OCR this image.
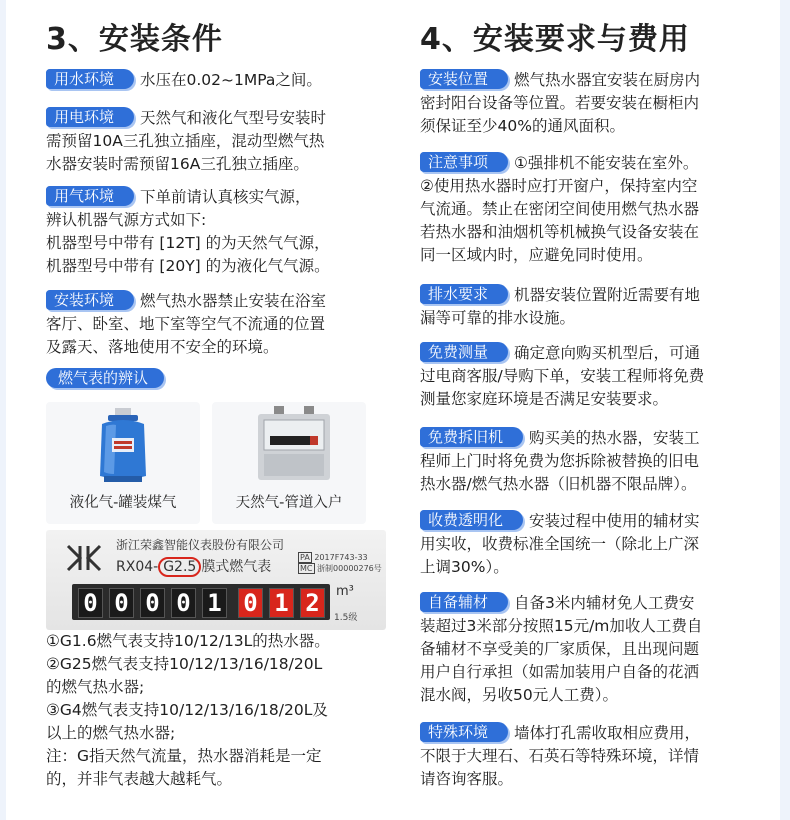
3、安装条件
用水环境 水压在0.02~1MPa之间。
用电环境 天然气和液化气型号安装时
需预留10A三孔独立插座，混动型燃气热
水器安装时需预留16A三孔独立插座。
用气环境 下单前请认真核实气源，
辨认机器气源方式如下:
机器型号中带有 [12T] 的为天然气气源，
机器型号中带有 [20Y] 的为液化气气源。
安装环境 燃气热水器禁止安装在浴室
客厅、卧室、地下室等空气不流通的位置
及露天、落地使用不安全的环境。
燃气表的辨认
液化气-罐装煤气	天然气-管道入户
浙江荣鑫智能仪表股份有限公司
RX04- G2.5 膜式燃气表
PA 2017F743-33
MC 浙制00000276号
0 0 0 0 1 0 1 2	m³
1.5级
①G1.6燃气表支持10/12/13L的热水器。
②G25燃气表支持10/12/13/16/18/20L
的燃气热水器;
③G4燃气表支持10/12/13/16/18/20L及
以上的燃气热水器;
注：G指天然气流量，热水器消耗是一定
的，并非气表越大越耗气。
4、安装要求与费用
安装位置 燃气热水器宜安装在厨房内
密封阳台设备等位置。若要安装在橱柜内
须保证至少40%的通风面积。
注意事项 ①强排机不能安装在室外。
②使用热水器时应打开窗户，保持室内空
气流通。禁止在密闭空间使用燃气热水器
若热水器和油烟机等机械换气设备安装在
同一区域内时，应避免同时使用。
排水要求 机器安装位置附近需要有地
漏等可靠的排水设施。
免费测量 确定意向购买机型后，可通
过电商客服/导购下单，安装工程师将免费
测量您家庭环境是否满足安装要求。
免费拆旧机 购买美的热水器，安装工
程师上门时将免费为您拆除被替换的旧电
热水器/燃气热水器（旧机器不限品牌）。
收费透明化 安装过程中使用的辅材实
用实收，收费标准全国统一（除北上广深
上调30%）。
自备辅材 自备3米内辅材免人工费安
装超过3米部分按照15元/m加收人工费自
备辅材不享受美的厂家质保，且出现问题
用户自行承担（如需加装用户自备的花洒
混水阀，另收50元人工费）。
特殊环境 墙体打孔需收取相应费用，
不限于大理石、石英石等特殊环境，详情
请咨询客服。
